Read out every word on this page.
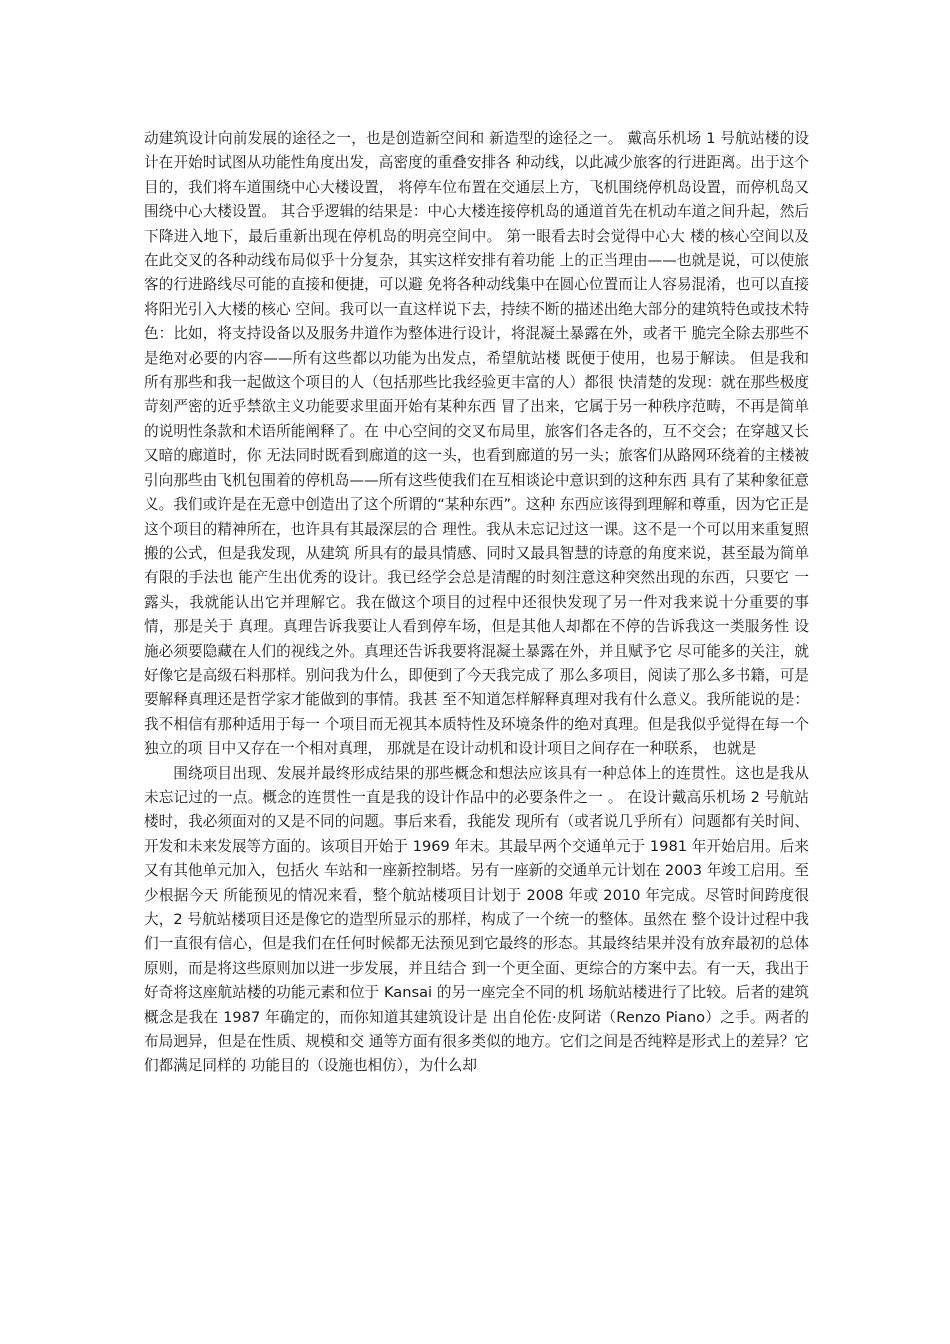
动建筑设计向前发展的途径之一，也是创造新空间和 新造型的途径之一。 戴高乐机场 1 号航站楼的设计在开始时试图从功能性角度出发，高密度的重叠安排各 种动线，以此减少旅客的行进距离。出于这个目的，我们将车道围绕中心大楼设置， 将停车位布置在交通层上方，飞机围绕停机岛设置，而停机岛又围绕中心大楼设置。 其合乎逻辑的结果是：中心大楼连接停机岛的通道首先在机动车道之间升起，然后 下降进入地下，最后重新出现在停机岛的明亮空间中。 第一眼看去时会觉得中心大 楼的核心空间以及在此交叉的各种动线布局似乎十分复杂，其实这样安排有着功能 上的正当理由——也就是说，可以使旅客的行进路线尽可能的直接和便捷，可以避 免将各种动线集中在圆心位置而让人容易混淆，也可以直接将阳光引入大楼的核心 空间。我可以一直这样说下去，持续不断的描述出绝大部分的建筑特色或技术特色：比如，将支持设备以及服务井道作为整体进行设计，将混凝土暴露在外，或者干 脆完全除去那些不是绝对必要的内容——所有这些都以功能为出发点，希望航站楼 既便于使用，也易于解读。 但是我和所有那些和我一起做这个项目的人（包括那些比我经验更丰富的人）都很 快清楚的发现：就在那些极度苛刻严密的近乎禁欲主义功能要求里面开始有某种东西 冒了出来，它属于另一种秩序范畴，不再是简单的说明性条款和术语所能阐释了。在 中心空间的交叉布局里，旅客们各走各的，互不交会；在穿越又长又暗的廊道时，你 无法同时既看到廊道的这一头，也看到廊道的另一头；旅客们从路网环绕着的主楼被 引向那些由飞机包围着的停机岛——所有这些使我们在互相谈论中意识到的这种东西 具有了某种象征意义。我们或许是在无意中创造出了这个所谓的“某种东西”。这种 东西应该得到理解和尊重，因为它正是这个项目的精神所在，也许具有其最深层的合 理性。我从未忘记过这一课。这不是一个可以用来重复照搬的公式，但是我发现，从建筑 所具有的最具情感、同时又最具智慧的诗意的角度来说，甚至最为简单有限的手法也 能产生出优秀的设计。我已经学会总是清醒的时刻注意这种突然出现的东西，只要它 一露头，我就能认出它并理解它。我在做这个项目的过程中还很快发现了另一件对我来说十分重要的事情，那是关于 真理。真理告诉我要让人看到停车场，但是其他人却都在不停的告诉我这一类服务性 设施必须要隐藏在人们的视线之外。真理还告诉我要将混凝土暴露在外，并且赋予它 尽可能多的关注，就好像它是高级石料那样。别问我为什么，即便到了今天我完成了 那么多项目，阅读了那么多书籍，可是要解释真理还是哲学家才能做到的事情。我甚 至不知道怎样解释真理对我有什么意义。我所能说的是：我不相信有那种适用于每一 个项目而无视其本质特性及环境条件的绝对真理。但是我似乎觉得在每一个独立的项 目中又存在一个相对真理， 那就是在设计动机和设计项目之间存在一种联系， 也就是

围绕项目出现、发展并最终形成结果的那些概念和想法应该具有一种总体上的连贯性。这也是我从未忘记过的一点。概念的连贯性一直是我的设计作品中的必要条件之一 。 在设计戴高乐机场 2 号航站楼时，我必须面对的又是不同的问题。事后来看，我能发 现所有（或者说几乎所有）问题都有关时间、开发和未来发展等方面的。该项目开始于 1969 年末。其最早两个交通单元于 1981 年开始启用。后来又有其他单元加入，包括火 车站和一座新控制塔。另有一座新的交通单元计划在 2003 年竣工启用。至少根据今天 所能预见的情况来看，整个航站楼项目计划于 2008 年或 2010 年完成。尽管时间跨度很 大，2 号航站楼项目还是像它的造型所显示的那样，构成了一个统一的整体。虽然在 整个设计过程中我们一直很有信心，但是我们在任何时候都无法预见到它最终的形态。其最终结果并没有放弃最初的总体原则，而是将这些原则加以进一步发展，并且结合 到一个更全面、更综合的方案中去。有一天，我出于好奇将这座航站楼的功能元素和位于 Kansai 的另一座完全不同的机 场航站楼进行了比较。后者的建筑概念是我在 1987 年确定的，而你知道其建筑设计是 出自伦佐·皮阿诺（Renzo Piano）之手。两者的布局迥异，但是在性质、规模和交 通等方面有很多类似的地方。它们之间是否纯粹是形式上的差异？它们都满足同样的 功能目的（设施也相仿），为什么却
